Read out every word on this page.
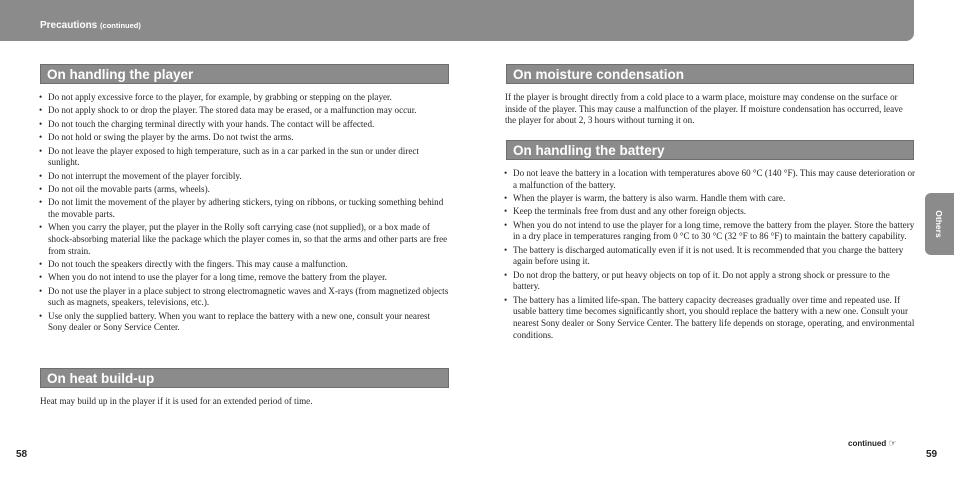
Precautions (continued)
On handling the player
• Do not apply excessive force to the player, for example, by grabbing or stepping on the player.
• Do not apply shock to or drop the player. The stored data may be erased, or a malfunction may occur.
• Do not touch the charging terminal directly with your hands. The contact will be affected.
• Do not hold or swing the player by the arms. Do not twist the arms.
• Do not leave the player exposed to high temperature, such as in a car parked in the sun or under direct sunlight.
• Do not interrupt the movement of the player forcibly.
• Do not oil the movable parts (arms, wheels).
• Do not limit the movement of the player by adhering stickers, tying on ribbons, or tucking something behind the movable parts.
• When you carry the player, put the player in the Rolly soft carrying case (not supplied), or a box made of shock-absorbing material like the package which the player comes in, so that the arms and other parts are free from strain.
• Do not touch the speakers directly with the fingers. This may cause a malfunction.
• When you do not intend to use the player for a long time, remove the battery from the player.
• Do not use the player in a place subject to strong electromagnetic waves and X-rays (from magnetized objects such as magnets, speakers, televisions, etc.).
• Use only the supplied battery. When you want to replace the battery with a new one, consult your nearest Sony dealer or Sony Service Center.
On heat build-up

Heat may build up in the player if it is used for an extended period of time.

58
On moisture condensation

If the player is brought directly from a cold place to a warm place, moisture may condense on the surface or inside of the player. This may cause a malfunction of the player. If moisture condensation has occurred, leave the player for about 2, 3 hours without turning it on.

On handling the battery
• Do not leave the battery in a location with temperatures above 60 °C (140 °F). This may cause deterioration or a malfunction of the battery.
• When the player is warm, the battery is also warm. Handle them with care.
• Keep the terminals free from dust and any other foreign objects.
• When you do not intend to use the player for a long time, remove the battery from the player. Store the battery in a dry place in temperatures ranging from 0 °C to 30 °C (32 °F to 86 °F) to maintain the battery capability.
• The battery is discharged automatically even if it is not used. It is recommended that you charge the battery again before using it.
• Do not drop the battery, or put heavy objects on top of it. Do not apply a strong shock or pressure to the battery.
• The battery has a limited life-span. The battery capacity decreases gradually over time and repeated use. If usable battery time becomes significantly short, you should replace the battery with a new one. Consult your nearest Sony dealer or Sony Service Center. The battery life depends on storage, operating, and environmental conditions.
Others
continued ☞
59
